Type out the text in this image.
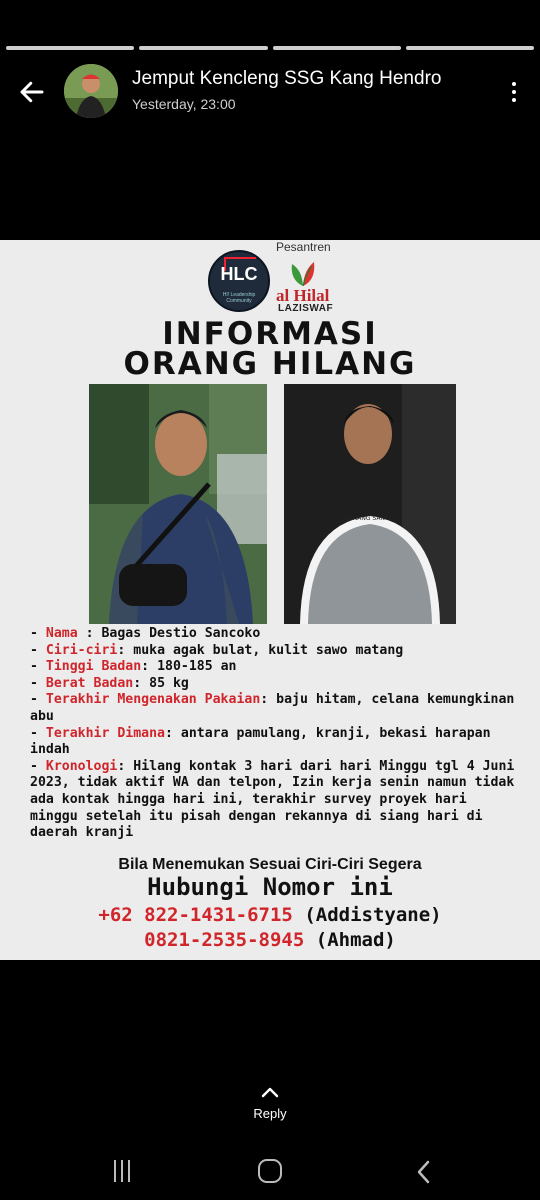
Jemput Kencleng SSG Kang Hendro
Yesterday, 23:00
HLC
HI! Leadership Community
Pesantren
al Hilal
LAZISWAF
INFORMASI
ORANG HILANG
MENANG SANYAK
- Nama : Bagas Destio Sancoko
- Ciri-ciri: muka agak bulat, kulit sawo matang
- Tinggi Badan: 180-185 an
- Berat Badan: 85 kg
- Terakhir Mengenakan Pakaian: baju hitam, celana kemungkinan abu
- Terakhir Dimana: antara pamulang, kranji, bekasi harapan indah
- Kronologi: Hilang kontak 3 hari dari hari Minggu tgl 4 Juni 2023, tidak aktif WA dan telpon, Izin kerja senin namun tidak ada kontak hingga hari ini, terakhir survey proyek hari minggu setelah itu pisah dengan rekannya di siang hari di daerah kranji
Bila Menemukan Sesuai Ciri-Ciri Segera
Hubungi Nomor ini
+62 822-1431-6715 (Addistyane)
0821-2535-8945 (Ahmad)
Reply
